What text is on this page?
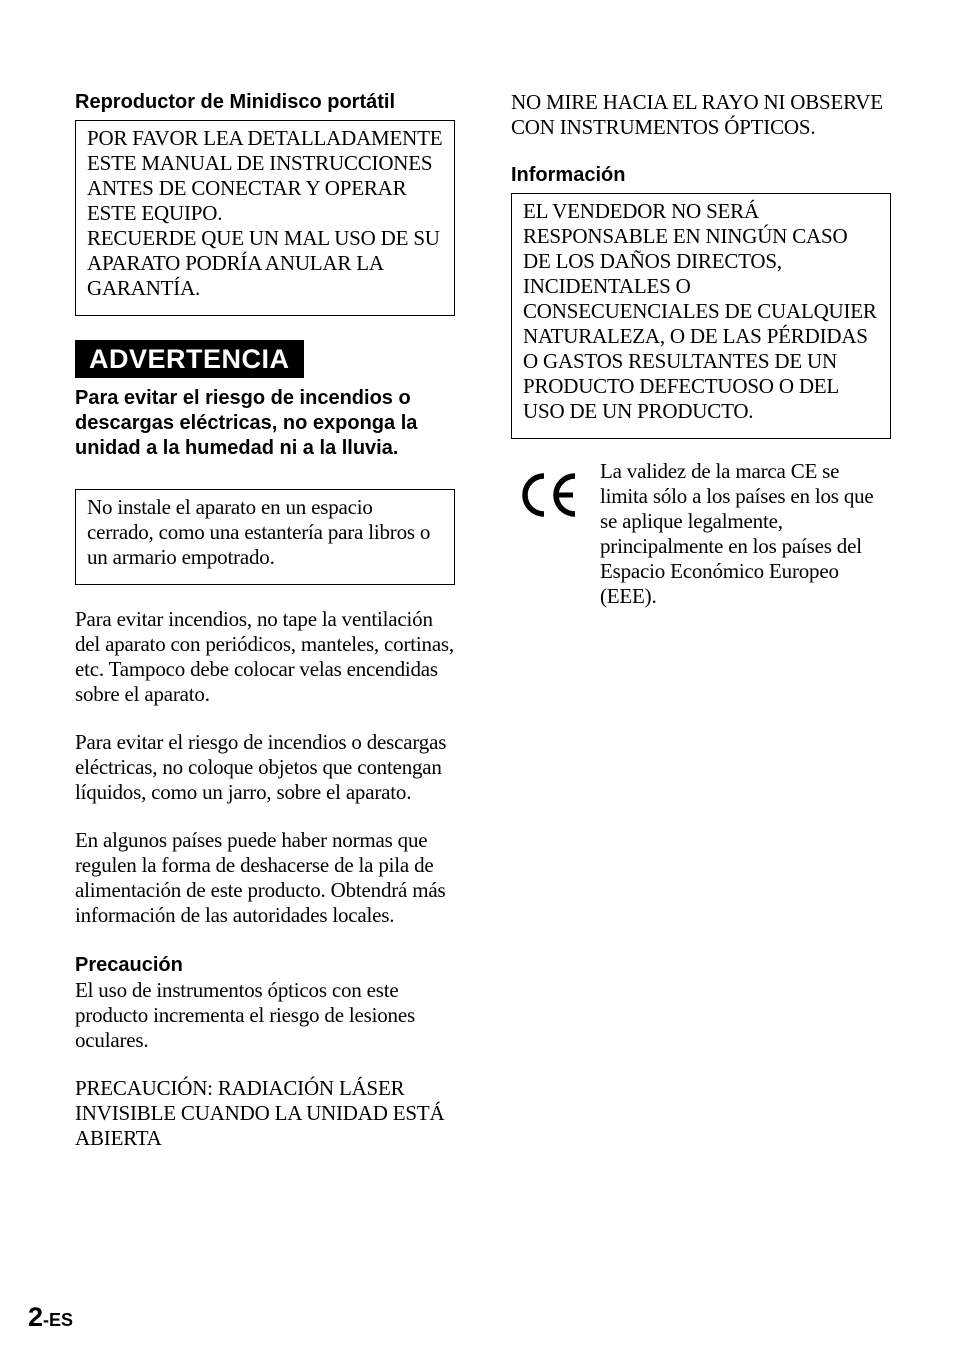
Reproductor de Minidisco portátil

POR FAVOR LEA DETALLADAMENTE ESTE MANUAL DE INSTRUCCIONES ANTES DE CONECTAR Y OPERAR ESTE EQUIPO.

RECUERDE QUE UN MAL USO DE SU APARATO PODRÍA ANULAR LA GARANTÍA.

ADVERTENCIA

Para evitar el riesgo de incendios o descargas eléctricas, no exponga la unidad a la humedad ni a la lluvia.

No instale el aparato en un espacio cerrado, como una estantería para libros o un armario empotrado.

Para evitar incendios, no tape la ventilación del aparato con periódicos, manteles, cortinas, etc. Tampoco debe colocar velas encendidas sobre el aparato.

Para evitar el riesgo de incendios o descargas eléctricas, no coloque objetos que contengan líquidos, como un jarro, sobre el aparato.

En algunos países puede haber normas que regulen la forma de deshacerse de la pila de alimentación de este producto. Obtendrá más información de las autoridades locales.

Precaución

El uso de instrumentos ópticos con este producto incrementa el riesgo de lesiones oculares.

PRECAUCIÓN: RADIACIÓN LÁSER INVISIBLE CUANDO LA UNIDAD ESTÁ ABIERTA

NO MIRE HACIA EL RAYO NI OBSERVE CON INSTRUMENTOS ÓPTICOS.

Información

EL VENDEDOR NO SERÁ RESPONSABLE EN NINGÚN CASO DE LOS DAÑOS DIRECTOS, INCIDENTALES O CONSECUENCIALES DE CUALQUIER NATURALEZA, O DE LAS PÉRDIDAS O GASTOS RESULTANTES DE UN PRODUCTO DEFECTUOSO O DEL USO DE UN PRODUCTO.

La validez de la marca CE se limita sólo a los países en los que se aplique legalmente, principalmente en los países del Espacio Económico Europeo (EEE).

2-ES
